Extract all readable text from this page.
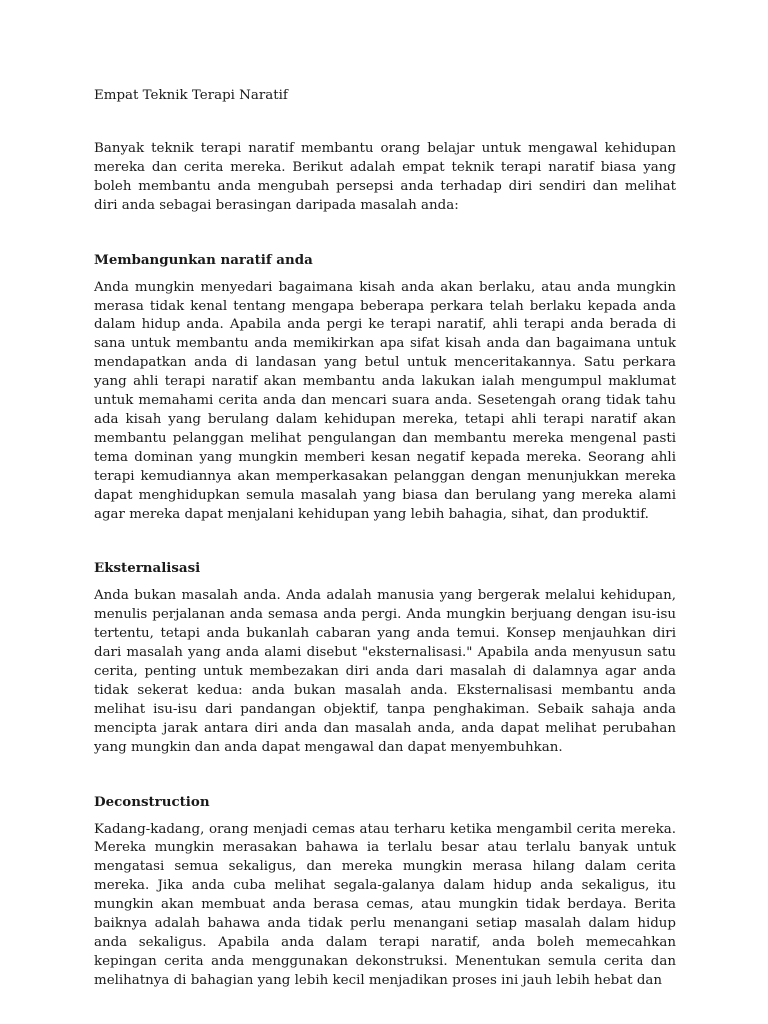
Empat Teknik Terapi Naratif

Banyak teknik terapi naratif membantu orang belajar untuk mengawal kehidupan mereka dan cerita mereka. Berikut adalah empat teknik terapi naratif biasa yang boleh membantu anda mengubah persepsi anda terhadap diri sendiri dan melihat diri anda sebagai berasingan daripada masalah anda:

Membangunkan naratif anda

Anda mungkin menyedari bagaimana kisah anda akan berlaku, atau anda mungkin merasa tidak kenal tentang mengapa beberapa perkara telah berlaku kepada anda dalam hidup anda. Apabila anda pergi ke terapi naratif, ahli terapi anda berada di sana untuk membantu anda memikirkan apa sifat kisah anda dan bagaimana untuk mendapatkan anda di landasan yang betul untuk menceritakannya. Satu perkara yang ahli terapi naratif akan membantu anda lakukan ialah mengumpul maklumat untuk memahami cerita anda dan mencari suara anda. Sesetengah orang tidak tahu ada kisah yang berulang dalam kehidupan mereka, tetapi ahli terapi naratif akan membantu pelanggan melihat pengulangan dan membantu mereka mengenal pasti tema dominan yang mungkin memberi kesan negatif kepada mereka. Seorang ahli terapi kemudiannya akan memperkasakan pelanggan dengan menunjukkan mereka dapat menghidupkan semula masalah yang biasa dan berulang yang mereka alami agar mereka dapat menjalani kehidupan yang lebih bahagia, sihat, dan produktif.

Eksternalisasi

Anda bukan masalah anda. Anda adalah manusia yang bergerak melalui kehidupan, menulis perjalanan anda semasa anda pergi. Anda mungkin berjuang dengan isu-isu tertentu, tetapi anda bukanlah cabaran yang anda temui. Konsep menjauhkan diri dari masalah yang anda alami disebut "eksternalisasi." Apabila anda menyusun satu cerita, penting untuk membezakan diri anda dari masalah di dalamnya agar anda tidak sekerat kedua: anda bukan masalah anda. Eksternalisasi membantu anda melihat isu-isu dari pandangan objektif, tanpa penghakiman. Sebaik sahaja anda mencipta jarak antara diri anda dan masalah anda, anda dapat melihat perubahan yang mungkin dan anda dapat mengawal dan dapat menyembuhkan.

Deconstruction

Kadang-kadang, orang menjadi cemas atau terharu ketika mengambil cerita mereka. Mereka mungkin merasakan bahawa ia terlalu besar atau terlalu banyak untuk mengatasi semua sekaligus, dan mereka mungkin merasa hilang dalam cerita mereka. Jika anda cuba melihat segala-galanya dalam hidup anda sekaligus, itu mungkin akan membuat anda berasa cemas, atau mungkin tidak berdaya. Berita baiknya adalah bahawa anda tidak perlu menangani setiap masalah dalam hidup anda sekaligus. Apabila anda dalam terapi naratif, anda boleh memecahkan kepingan cerita anda menggunakan dekonstruksi. Menentukan semula cerita dan melihatnya di bahagian yang lebih kecil menjadikan proses ini jauh lebih hebat dan
